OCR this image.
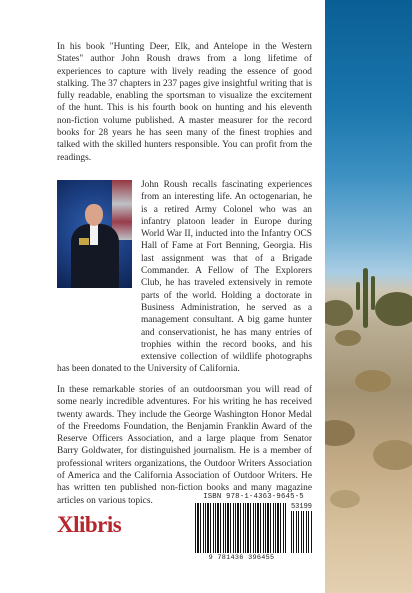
In his book "Hunting Deer, Elk, and Antelope in the Western States" author John Roush draws from a long lifetime of experiences to capture with lively reading the essence of good stalking. The 37 chapters in 237 pages give insightful writing that is fully readable, enabling the sportsman to visualize the excitement of the hunt. This is his fourth book on hunting and his eleventh non-fiction volume published. A master measurer for the record books for 28 years he has seen many of the finest trophies and talked with the skilled hunters responsible. You can profit from the readings.

John Roush recalls fascinating experiences from an interesting life. An octogenarian, he is a retired Army Colonel who was an infantry platoon leader in Europe during World War II, inducted into the Infantry OCS Hall of Fame at Fort Benning, Georgia. His last assignment was that of a Brigade Commander. A Fellow of The Explorers Club, he has traveled extensively in remote parts of the world. Holding a doctorate in Business Administration, he served as a management consultant. A big game hunter and conservationist, he has many entries of trophies within the record books, and his extensive collection of wildlife photographs has been donated to the University of California.

In these remarkable stories of an outdoorsman you will read of some nearly incredible adventures. For his writing he has received twenty awards. They include the George Washington Honor Medal of the Freedoms Foundation, the Benjamin Franklin Award of the Reserve Officers Association, and a large plaque from Senator Barry Goldwater, for distinguished journalism. He is a member of professional writers organizations, the Outdoor Writers Association of America and the California Association of Outdoor Writers. He has written ten published non-fiction books and many magazine articles on various topics.

Xlibris
ISBN 978-1-4363-9645-5
53199
9 781436 396455
